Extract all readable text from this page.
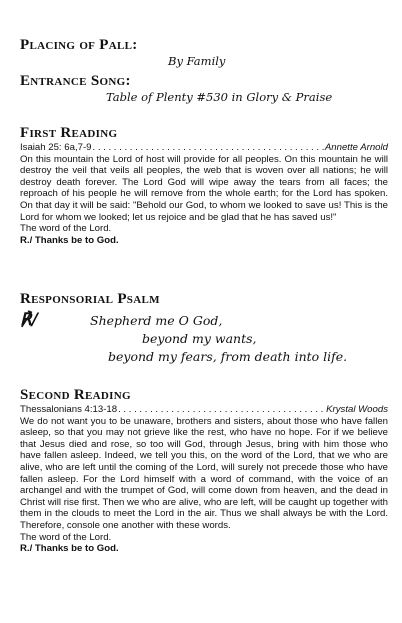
Placing of Pall:
By Family
Entrance Song:
Table of Plenty #530 in Glory & Praise
First Reading
Isaiah 25: 6a,7-9 . . .	Annette Arnold
On this mountain the Lord of host will provide for all peoples. On this mountain he will destroy the veil that veils all peoples, the web that is woven over all nations; he will destroy death forever. The Lord God will wipe away the tears from all faces; the reproach of his people he will remove from the whole earth; for the Lord has spoken. On that day it will be said: "Behold our God, to whom we looked to save us! This is the Lord for whom we looked; let us rejoice and be glad that he has saved us!"
The word of the Lord.
R./ Thanks be to God.
Responsorial Psalm
℟/	Shepherd me O God,
beyond my wants,
beyond my fears, from death into life.
Second Reading
Thessalonians 4:13-18 . . .	Krystal Woods
We do not want you to be unaware, brothers and sisters, about those who have fallen asleep, so that you may not grieve like the rest, who have no hope. For if we believe that Jesus died and rose, so too will God, through Jesus, bring with him those who have fallen asleep. Indeed, we tell you this, on the word of the Lord, that we who are alive, who are left until the coming of the Lord, will surely not precede those who have fallen asleep. For the Lord himself with a word of command, with the voice of an archangel and with the trumpet of God, will come down from heaven, and the dead in Christ will rise first. Then we who are alive, who are left, will be caught up together with them in the clouds to meet the Lord in the air. Thus we shall always be with the Lord. Therefore, console one another with these words.
The word of the Lord.
R./ Thanks be to God.
